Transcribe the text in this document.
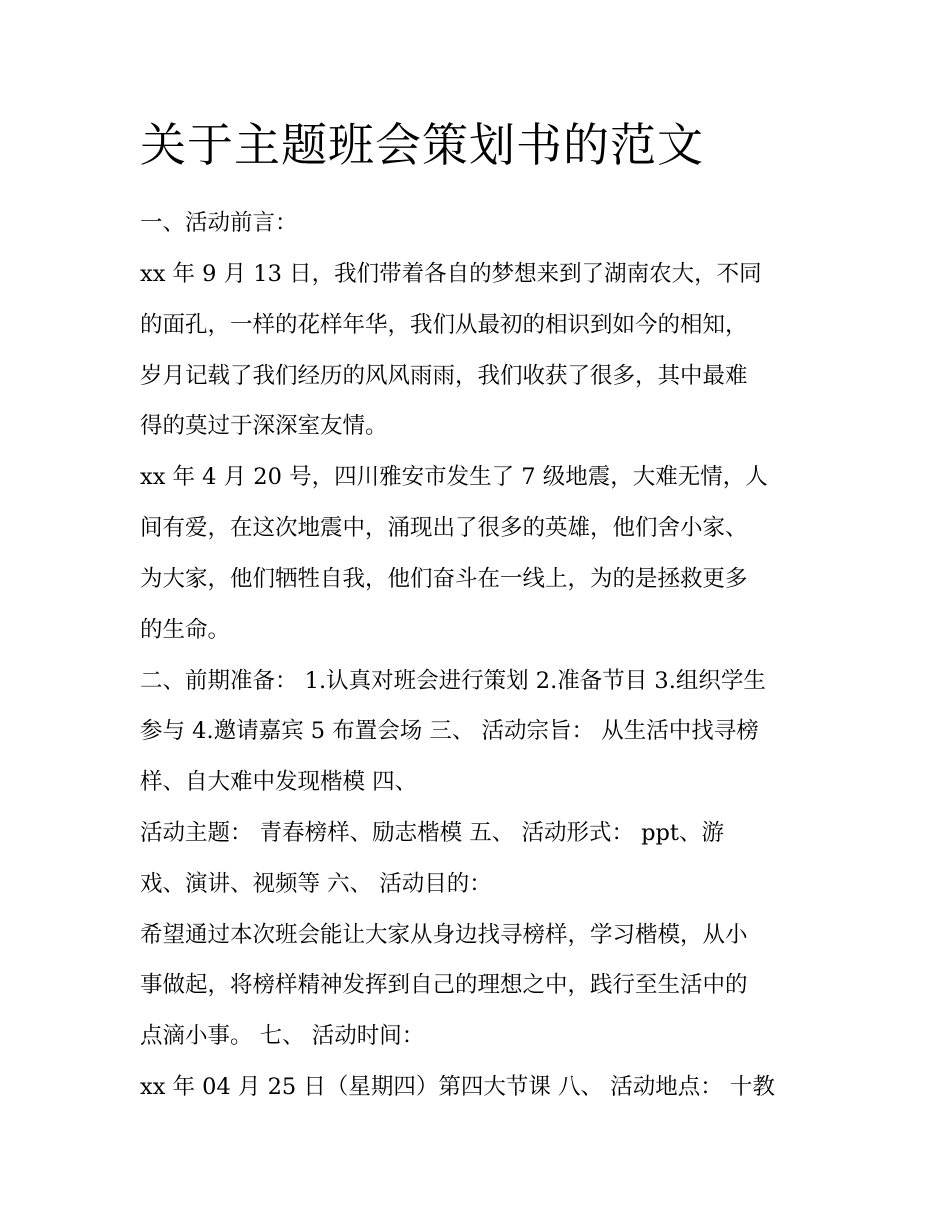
关于主题班会策划书的范文

一、活动前言：

xx 年 9 月 13 日，我们带着各自的梦想来到了湖南农大，不同

的面孔，一样的花样年华，我们从最初的相识到如今的相知，

岁月记载了我们经历的风风雨雨，我们收获了很多，其中最难

得的莫过于深深室友情。

xx 年 4 月 20 号，四川雅安市发生了 7 级地震，大难无情，人

间有爱，在这次地震中，涌现出了很多的英雄，他们舍小家、

为大家，他们牺牲自我，他们奋斗在一线上，为的是拯救更多

的生命。

二、前期准备： 1.认真对班会进行策划 2.准备节目 3.组织学生

参与 4.邀请嘉宾 5 布置会场 三、 活动宗旨： 从生活中找寻榜

样、自大难中发现楷模 四、

活动主题： 青春榜样、励志楷模 五、 活动形式： ppt、游

戏、演讲、视频等 六、 活动目的：

希望通过本次班会能让大家从身边找寻榜样，学习楷模，从小

事做起，将榜样精神发挥到自己的理想之中，践行至生活中的

点滴小事。 七、 活动时间：

xx 年 04 月 25 日（星期四）第四大节课 八、 活动地点： 十教
